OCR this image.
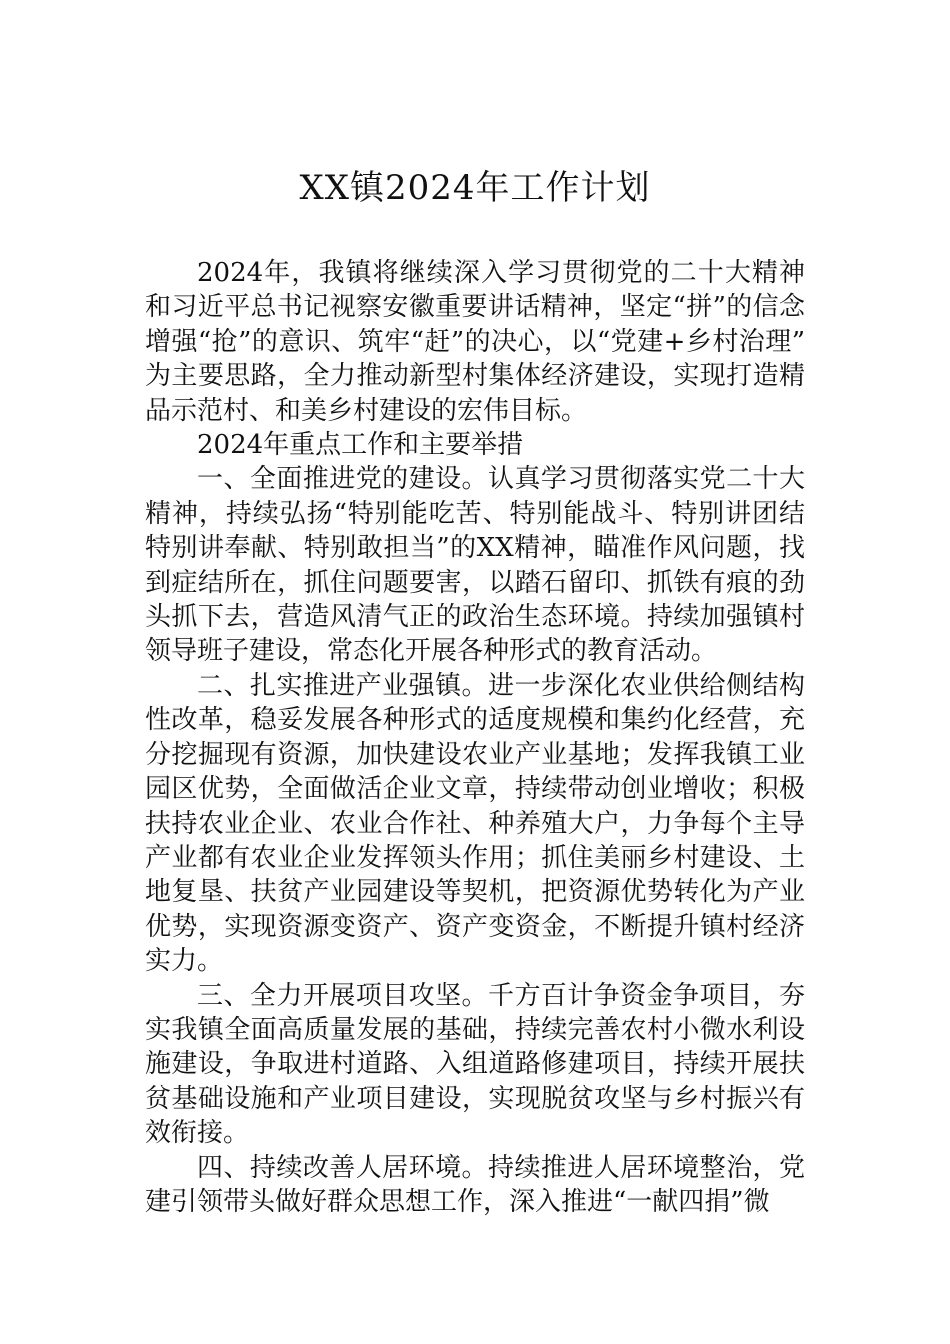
XX镇2024年工作计划

2024年，我镇将继续深入学习贯彻党的二十大精神和习近平总书记视察安徽重要讲话精神，坚定“拼”的信念增强“抢”的意识、筑牢“赶”的决心，以“党建+乡村治理”为主要思路，全力推动新型村集体经济建设，实现打造精品示范村、和美乡村建设的宏伟目标。

2024年重点工作和主要举措

一、全面推进党的建设。认真学习贯彻落实党二十大精神，持续弘扬“特别能吃苦、特别能战斗、特别讲团结特别讲奉献、特别敢担当”的XX精神，瞄准作风问题，找到症结所在，抓住问题要害，以踏石留印、抓铁有痕的劲头抓下去，营造风清气正的政治生态环境。持续加强镇村领导班子建设，常态化开展各种形式的教育活动。

二、扎实推进产业强镇。进一步深化农业供给侧结构性改革，稳妥发展各种形式的适度规模和集约化经营，充分挖掘现有资源，加快建设农业产业基地；发挥我镇工业园区优势，全面做活企业文章，持续带动创业增收；积极扶持农业企业、农业合作社、种养殖大户，力争每个主导产业都有农业企业发挥领头作用；抓住美丽乡村建设、土地复垦、扶贫产业园建设等契机，把资源优势转化为产业优势，实现资源变资产、资产变资金，不断提升镇村经济实力。

三、全力开展项目攻坚。千方百计争资金争项目，夯实我镇全面高质量发展的基础，持续完善农村小微水利设施建设，争取进村道路、入组道路修建项目，持续开展扶贫基础设施和产业项目建设，实现脱贫攻坚与乡村振兴有效衔接。

四、持续改善人居环境。持续推进人居环境整治，党建引领带头做好群众思想工作，深入推进“一献四捐”微
